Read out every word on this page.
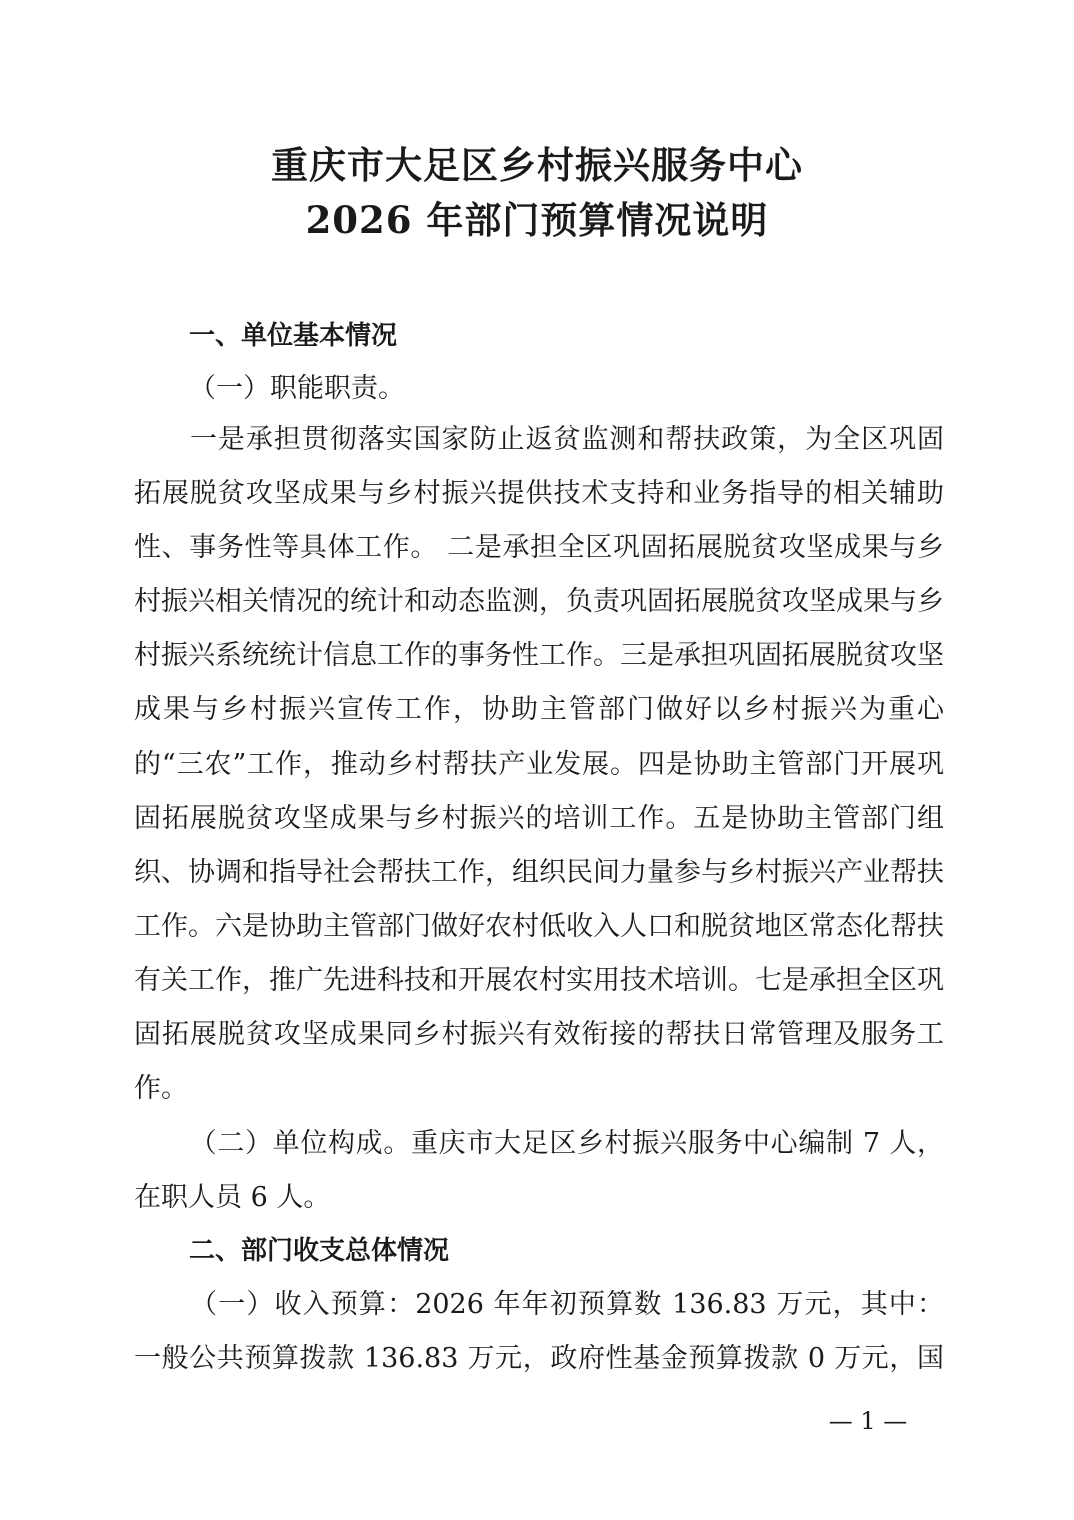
重庆市大足区乡村振兴服务中心
2026 年部门预算情况说明
一、单位基本情况
（一）职能职责。
一是承担贯彻落实国家防止返贫监测和帮扶政策，为全区巩固拓展脱贫攻坚成果与乡村振兴提供技术支持和业务指导的相关辅助性、事务性等具体工作。 二是承担全区巩固拓展脱贫攻坚成果与乡村振兴相关情况的统计和动态监测，负责巩固拓展脱贫攻坚成果与乡村振兴系统统计信息工作的事务性工作。三是承担巩固拓展脱贫攻坚成果与乡村振兴宣传工作，协助主管部门做好以乡村振兴为重心的“三农”工作，推动乡村帮扶产业发展。四是协助主管部门开展巩固拓展脱贫攻坚成果与乡村振兴的培训工作。五是协助主管部门组织、协调和指导社会帮扶工作，组织民间力量参与乡村振兴产业帮扶工作。六是协助主管部门做好农村低收入人口和脱贫地区常态化帮扶有关工作，推广先进科技和开展农村实用技术培训。七是承担全区巩固拓展脱贫攻坚成果同乡村振兴有效衔接的帮扶日常管理及服务工作。
（二）单位构成。重庆市大足区乡村振兴服务中心编制 7 人，在职人员 6 人。
二、部门收支总体情况
（一）收入预算：2026 年年初预算数 136.83 万元，其中：一般公共预算拨款 136.83 万元，政府性基金预算拨款 0 万元，国
— 1 —
